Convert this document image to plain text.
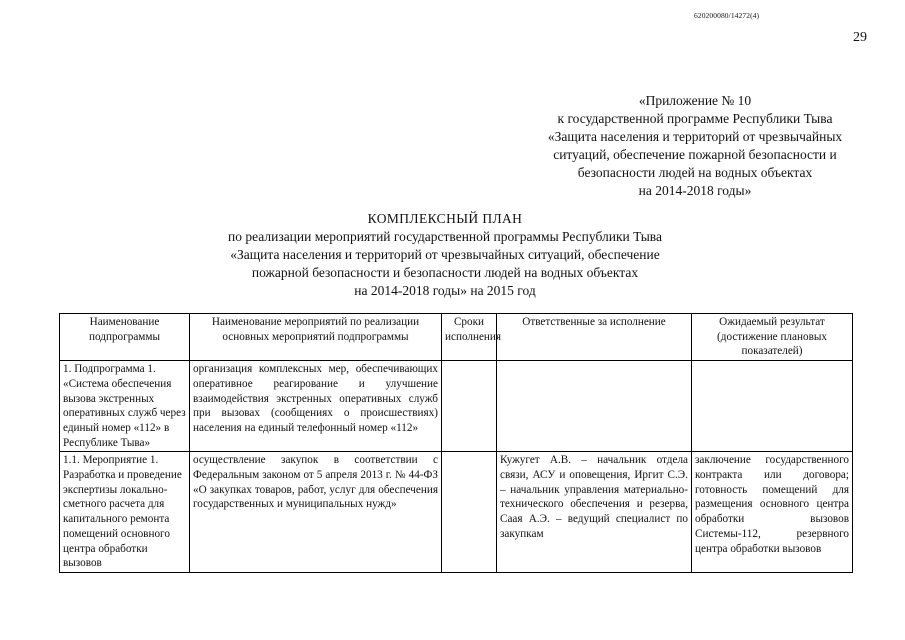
620200080/14272(4)
29
«Приложение № 10
к государственной программе Республики Тыва
«Защита населения и территорий от чрезвычайных
ситуаций, обеспечение пожарной безопасности и
безопасности людей на водных объектах
на 2014-2018 годы»
КОМПЛЕКСНЫЙ ПЛАН
по реализации мероприятий государственной программы Республики Тыва
«Защита населения и территорий от чрезвычайных ситуаций, обеспечение
пожарной безопасности и безопасности людей на водных объектах
на 2014-2018 годы» на 2015 год
Наименование подпрограммы	Наименование мероприятий по реализации основных мероприятий подпрограммы	Сроки исполнения	Ответственные за исполнение	Ожидаемый результат (достижение плановых показателей)
1. Подпрограмма 1. «Система обеспечения вызова экстренных оперативных служб через единый номер «112» в Республике Тыва»	организация комплексных мер, обеспечивающих оперативное реагирование и улучшение взаимодействия экстренных оперативных служб при вызовах (сообщениях о происшествиях) населения на единый телефонный номер «112»			
1.1. Мероприятие 1. Разработка и проведение экспертизы локально-сметного расчета для капитального ремонта помещений основного центра обработки вызовов	осуществление закупок в соответствии с Федеральным законом от 5 апреля 2013 г. № 44-ФЗ «О закупках товаров, работ, услуг для обеспечения государственных и муниципальных нужд»		Кужугет А.В. – начальник отдела связи, АСУ и оповещения, Иргит С.Э. – начальник управления материально-технического обеспечения и резерва, Саая А.Э. – ведущий специалист по закупкам	заключение государственного контракта или договора; готовность помещений для размещения основного центра обработки вызовов Системы-112, резервного центра обработки вызовов
